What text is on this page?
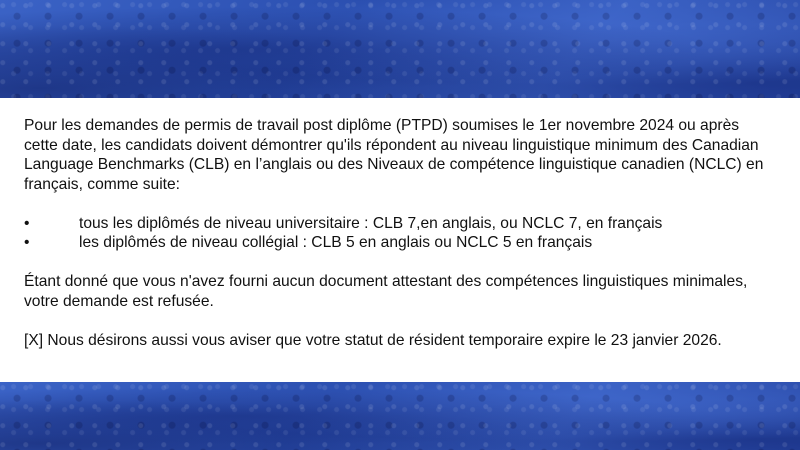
Pour les demandes de permis de travail post diplôme (PTPD) soumises le 1er novembre 2024 ou après cette date, les candidats doivent démontrer qu'ils répondent au niveau linguistique minimum des Canadian Language Benchmarks (CLB) en l’anglais ou des Niveaux de compétence linguistique canadien (NCLC) en français, comme suite:

•	tous les diplômés de niveau universitaire : CLB 7,en anglais, ou NCLC 7, en français
•	les diplômés de niveau collégial : CLB 5 en anglais ou NCLC 5 en français

Étant donné que vous n'avez fourni aucun document attestant des compétences linguistiques minimales, votre demande est refusée.

[X] Nous désirons aussi vous aviser que votre statut de résident temporaire expire le 23 janvier 2026.
